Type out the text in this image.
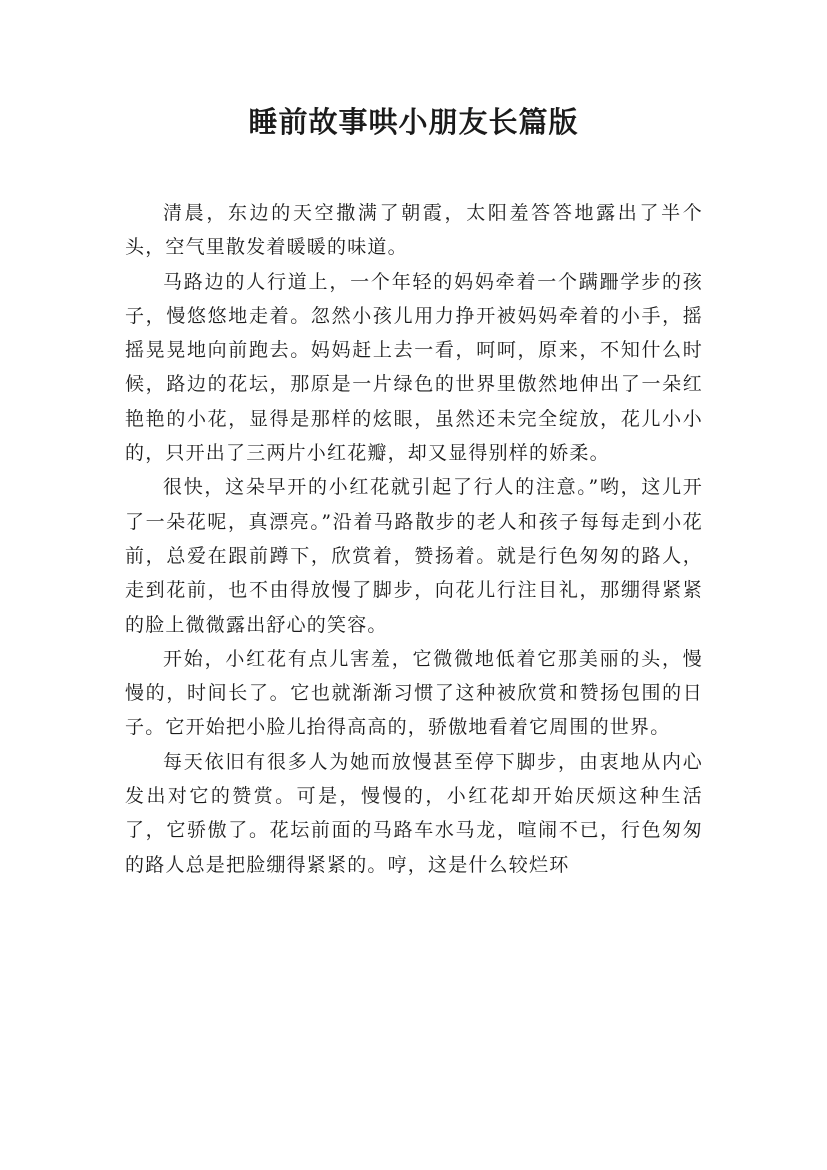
睡前故事哄小朋友长篇版

清晨，东边的天空撒满了朝霞，太阳羞答答地露出了半个头，空气里散发着暖暖的味道。

马路边的人行道上，一个年轻的妈妈牵着一个蹒跚学步的孩子，慢悠悠地走着。忽然小孩儿用力挣开被妈妈牵着的小手，摇摇晃晃地向前跑去。妈妈赶上去一看，呵呵，原来，不知什么时候，路边的花坛，那原是一片绿色的世界里傲然地伸出了一朵红艳艳的小花，显得是那样的炫眼，虽然还未完全绽放，花儿小小的，只开出了三两片小红花瓣，却又显得别样的娇柔。

很快，这朵早开的小红花就引起了行人的注意。”哟，这儿开了一朵花呢，真漂亮。”沿着马路散步的老人和孩子每每走到小花前，总爱在跟前蹲下，欣赏着，赞扬着。就是行色匆匆的路人，走到花前，也不由得放慢了脚步，向花儿行注目礼，那绷得紧紧的脸上微微露出舒心的笑容。

开始，小红花有点儿害羞，它微微地低着它那美丽的头，慢慢的，时间长了。它也就渐渐习惯了这种被欣赏和赞扬包围的日子。它开始把小脸儿抬得高高的，骄傲地看着它周围的世界。

每天依旧有很多人为她而放慢甚至停下脚步，由衷地从内心发出对它的赞赏。可是，慢慢的，小红花却开始厌烦这种生活了，它骄傲了。花坛前面的马路车水马龙，喧闹不已，行色匆匆的路人总是把脸绷得紧紧的。哼，这是什么较烂环
